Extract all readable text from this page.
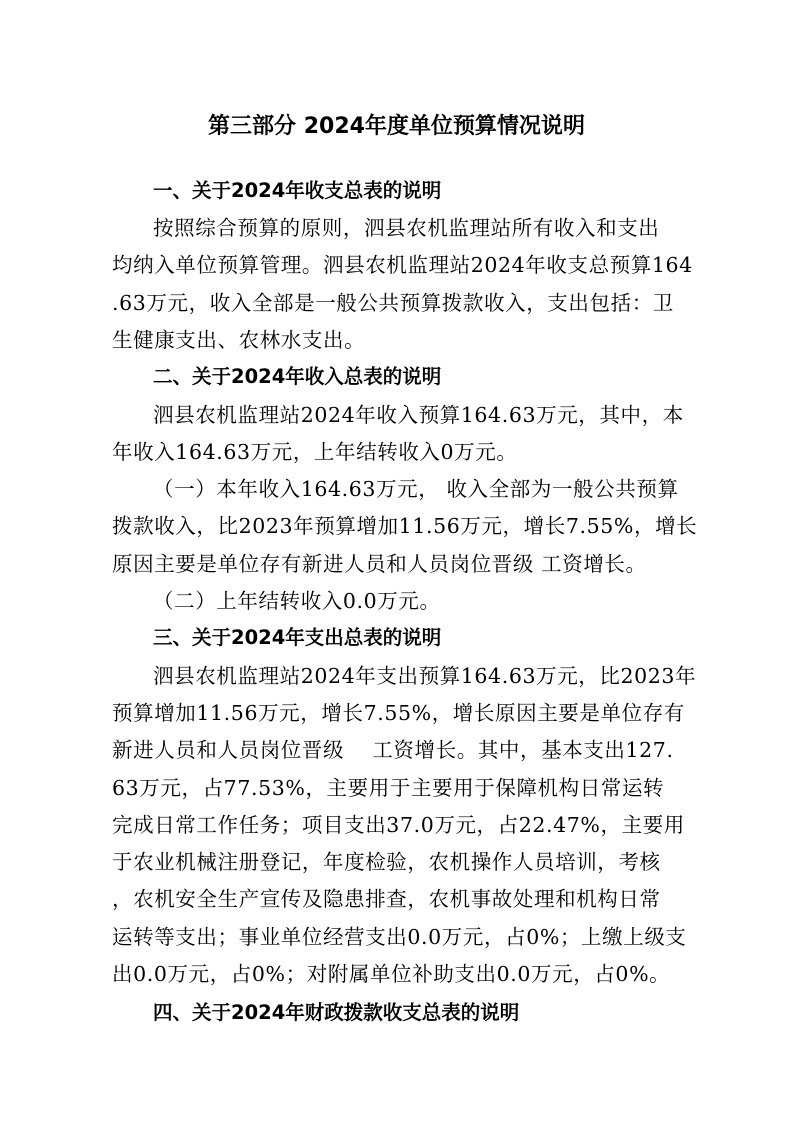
第三部分 2024年度单位预算情况说明
一、关于2024年收支总表的说明
按照综合预算的原则，泗县农机监理站所有收入和支出
均纳入单位预算管理。泗县农机监理站2024年收支总预算164
.63万元，收入全部是一般公共预算拨款收入，支出包括：卫
生健康支出、农林水支出。
二、关于2024年收入总表的说明
泗县农机监理站2024年收入预算164.63万元，其中，本
年收入164.63万元，上年结转收入0万元。
（一）本年收入164.63万元， 收入全部为一般公共预算
拨款收入，比2023年预算增加11.56万元，增长7.55%，增长
原因主要是单位存有新进人员和人员岗位晋级 工资增长。
（二）上年结转收入0.0万元。
三、关于2024年支出总表的说明
泗县农机监理站2024年支出预算164.63万元，比2023年
预算增加11.56万元，增长7.55%，增长原因主要是单位存有
新进人员和人员岗位晋级　 工资增长。其中，基本支出127.
63万元，占77.53%，主要用于主要用于保障机构日常运转
完成日常工作任务；项目支出37.0万元，占22.47%，主要用
于农业机械注册登记，年度检验，农机操作人员培训，考核
，农机安全生产宣传及隐患排查，农机事故处理和机构日常
运转等支出；事业单位经营支出0.0万元，占0%；上缴上级支
出0.0万元，占0%；对附属单位补助支出0.0万元，占0%。
四、关于2024年财政拨款收支总表的说明
